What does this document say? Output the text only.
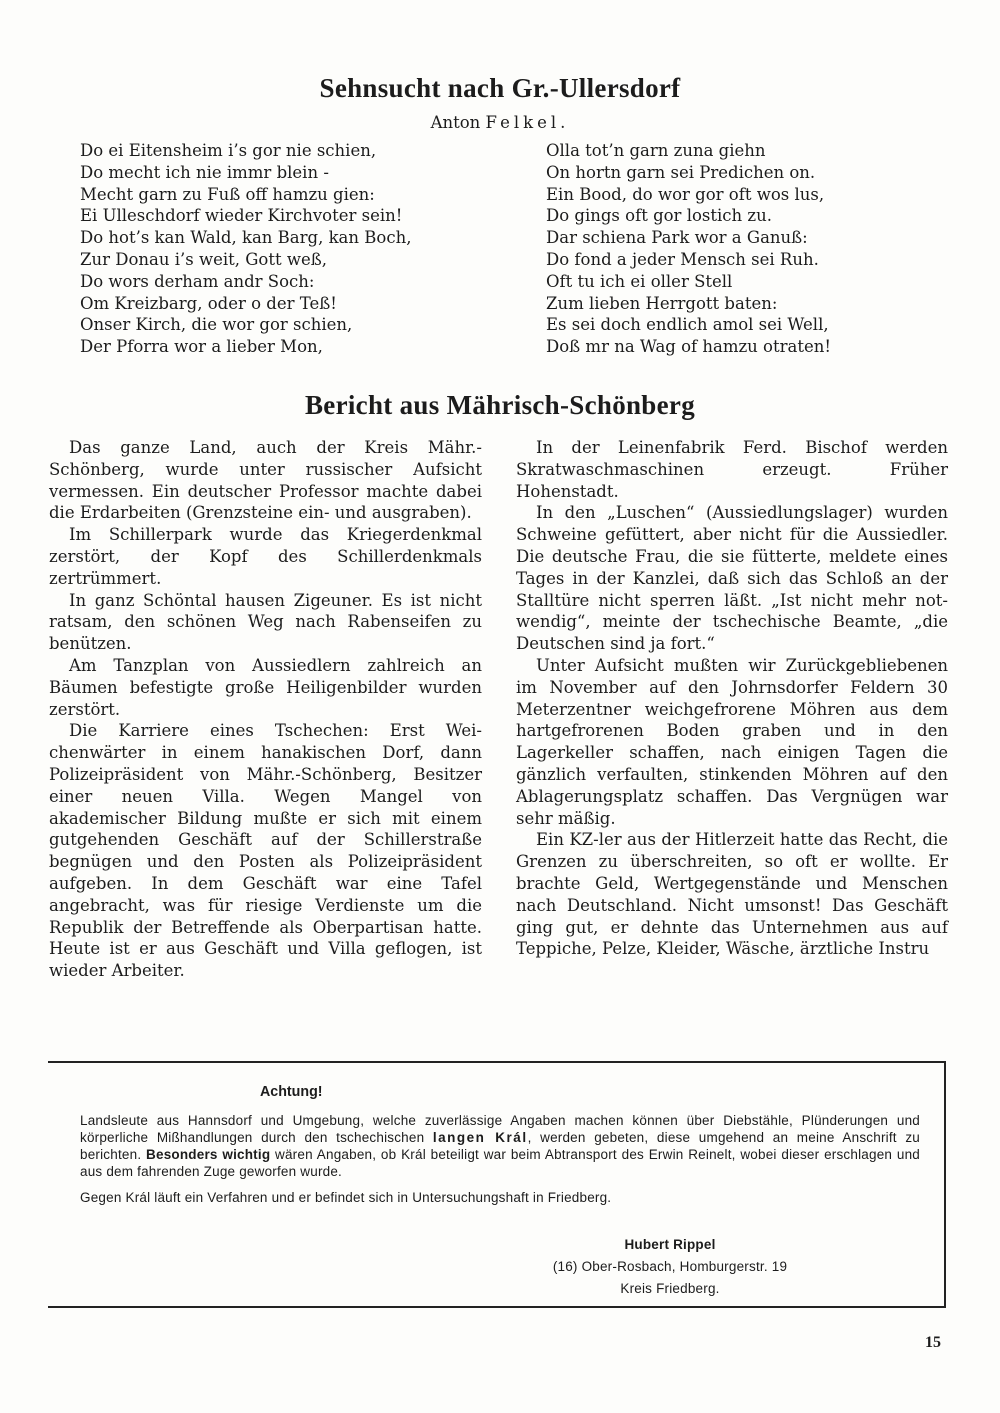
Sehnsucht nach Gr.-Ullersdorf

Anton Felkel.

Do ei Eitensheim i’s gor nie schien,
Do mecht ich nie immr blein -
Mecht garn zu Fuß off hamzu gien:
Ei Ulleschdorf wieder Kirchvoter sein!
Do hot’s kan Wald, kan Barg, kan Boch,
Zur Donau i’s weit, Gott weß,
Do wors derham andr Soch:
Om Kreizbarg, oder o der Teß!
Onser Kirch, die wor gor schien,
Der Pforra wor a lieber Mon,
Olla tot’n garn zuna giehn
On hortn garn sei Predichen on.
Ein Bood, do wor gor oft wos lus,
Do gings oft gor lostich zu.
Dar schiena Park wor a Ganuß:
Do fond a jeder Mensch sei Ruh.
Oft tu ich ei oller Stell
Zum lieben Herrgott baten:
Es sei doch endlich amol sei Well,
Doß mr na Wag of hamzu otraten!
Bericht aus Mährisch-Schönberg

Das ganze Land, auch der Kreis Mähr.-Schönberg, wurde unter russischer Aufsicht vermessen. Ein deutscher Professor machte dabei die Erdarbeiten (Grenzsteine ein- und ausgraben).

Im Schillerpark wurde das Kriegerdenkmal zerstört, der Kopf des Schillerdenkmals zertrümmert.

In ganz Schöntal hausen Zigeuner. Es ist nicht ratsam, den schönen Weg nach Rabenseifen zu benützen.

Am Tanzplan von Aussiedlern zahlreich an Bäumen befestigte große Heiligenbilder wurden zerstört.

Die Karriere eines Tschechen: Erst Weichenwärter in einem hanakischen Dorf, dann Polizeipräsident von Mähr.-Schönberg, Besitzer einer neuen Villa. Wegen Mangel von akademischer Bildung mußte er sich mit einem gutgehenden Geschäft auf der Schillerstraße begnügen und den Posten als Polizeipräsident aufgeben. In dem Geschäft war eine Tafel angebracht, was für riesige Verdienste um die Republik der Betreffende als Oberpartisan hatte. Heute ist er aus Geschäft und Villa geflogen, ist wieder Arbeiter.

In der Leinenfabrik Ferd. Bischof werden Skratwaschmaschinen erzeugt. Früher Hohenstadt.

In den „Luschen“ (Aussiedlungslager) wurden Schweine gefüttert, aber nicht für die Aussiedler. Die deutsche Frau, die sie fütterte, meldete eines Tages in der Kanzlei, daß sich das Schloß an der Stalltüre nicht sperren läßt. „Ist nicht mehr notwendig“, meinte der tschechische Beamte, „die Deutschen sind ja fort.“

Unter Aufsicht mußten wir Zurückgebliebenen im November auf den Johrnsdorfer Feldern 30 Meterzentner weichgefrorene Möhren aus dem hartgefrorenen Boden graben und in den Lagerkeller schaffen, nach einigen Tagen die gänzlich verfaulten, stinkenden Möhren auf den Ablagerungsplatz schaffen. Das Vergnügen war sehr mäßig.

Ein KZ-ler aus der Hitlerzeit hatte das Recht, die Grenzen zu überschreiten, so oft er wollte. Er brachte Geld, Wertgegenstände und Menschen nach Deutschland. Nicht umsonst! Das Geschäft ging gut, er dehnte das Unternehmen aus auf Teppiche, Pelze, Kleider, Wäsche, ärztliche Instru

Achtung!

Landsleute aus Hannsdorf und Umgebung, welche zuverlässige Angaben machen können über Diebstähle, Plünderungen und körperliche Mißhandlungen durch den tschechischen langen Král, werden gebeten, diese umgehend an meine Anschrift zu berichten. Besonders wichtig wären Angaben, ob Král beteiligt war beim Abtransport des Erwin Reinelt, wobei dieser erschlagen und aus dem fahrenden Zuge geworfen wurde.

Gegen Král läuft ein Verfahren und er befindet sich in Untersuchungshaft in Friedberg.

Hubert Rippel
(16) Ober-Rosbach, Homburgerstr. 19
Kreis Friedberg.
15
